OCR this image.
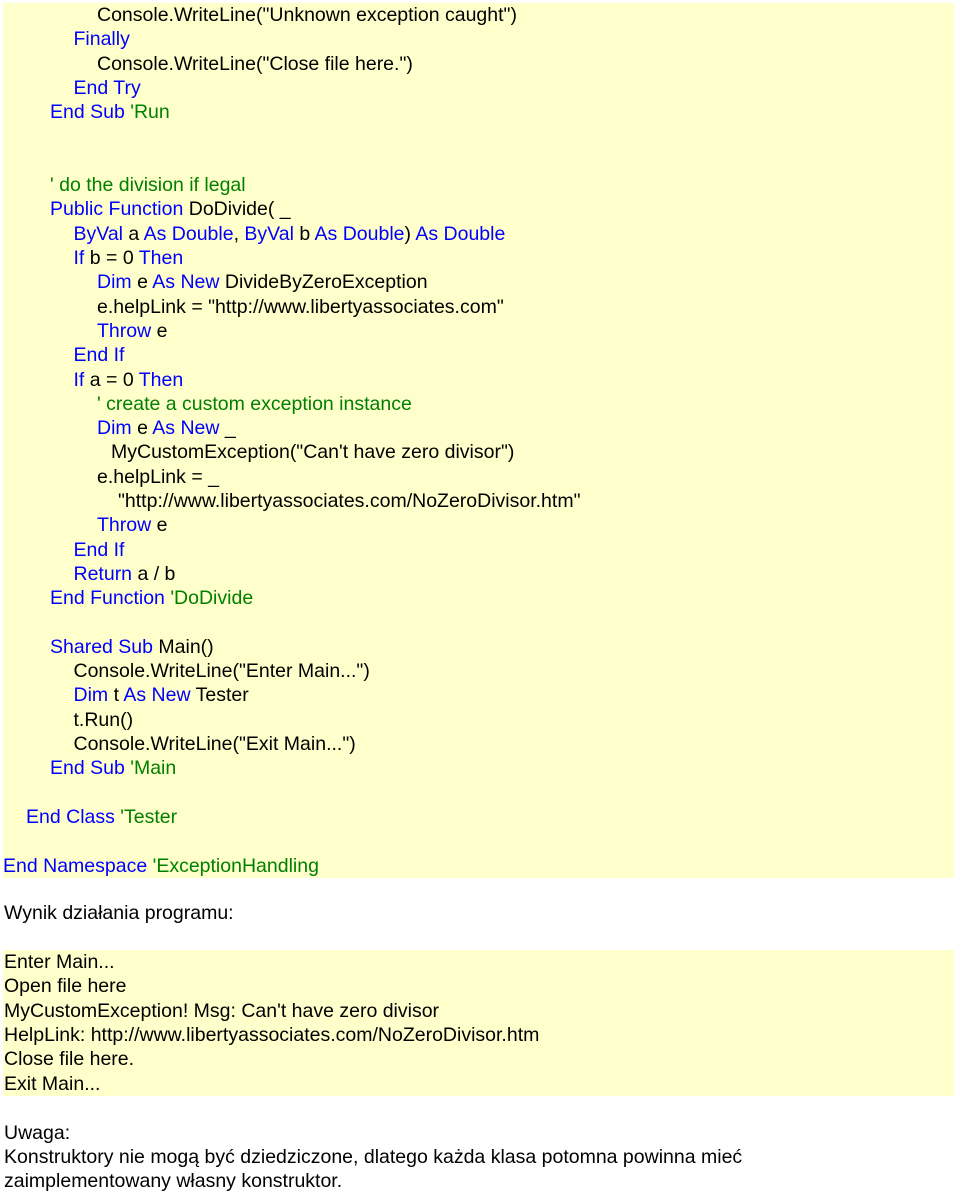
Console.WriteLine("Unknown exception caught")
Finally
Console.WriteLine("Close file here.")
End Try
End Sub 'Run
' do the division if legal
Public Function DoDivide( _
ByVal a As Double, ByVal b As Double) As Double
If b = 0 Then
Dim e As New DivideByZeroException
e.helpLink = "http://www.libertyassociates.com"
Throw e
End If
If a = 0 Then
' create a custom exception instance
Dim e As New _
MyCustomException("Can't have zero divisor")
e.helpLink = _
"http://www.libertyassociates.com/NoZeroDivisor.htm"
Throw e
End If
Return a / b
End Function 'DoDivide
Shared Sub Main()
Console.WriteLine("Enter Main...")
Dim t As New Tester
t.Run()
Console.WriteLine("Exit Main...")
End Sub 'Main
End Class 'Tester
End Namespace 'ExceptionHandling
Wynik działania programu:
Enter Main...
Open file here
MyCustomException! Msg: Can't have zero divisor
HelpLink: http://www.libertyassociates.com/NoZeroDivisor.htm
Close file here.
Exit Main...
Uwaga:
Konstruktory nie mogą być dziedziczone, dlatego każda klasa potomna powinna mieć
zaimplementowany własny konstruktor.
